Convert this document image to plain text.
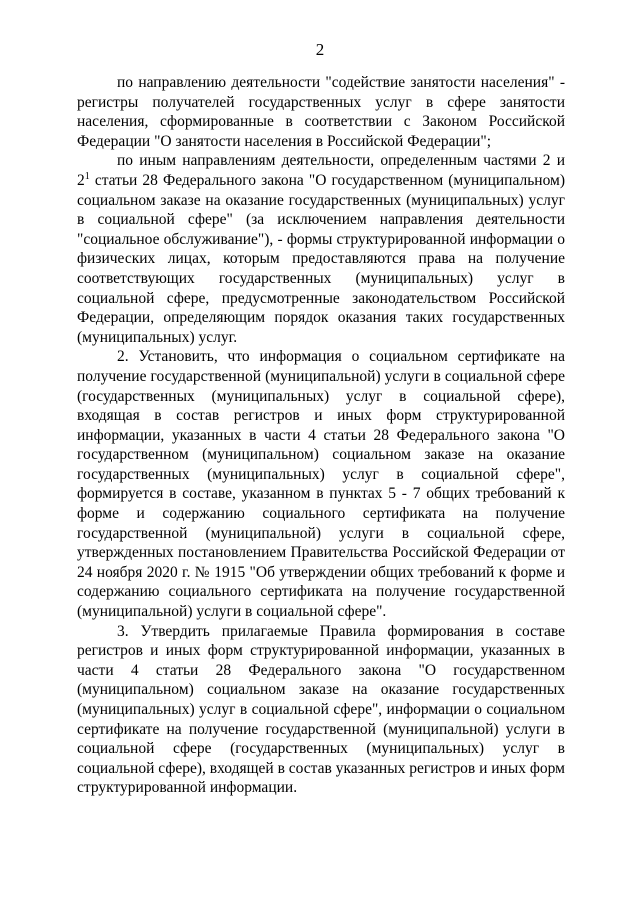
2

по направлению деятельности "содействие занятости населения" - регистры получателей государственных услуг в сфере занятости населения, сформированные в соответствии с Законом Российской Федерации "О занятости населения в Российской Федерации";

по иным направлениям деятельности, определенным частями 2 и $2^1$ статьи 28 Федерального закона "О государственном (муниципальном) социальном заказе на оказание государственных (муниципальных) услуг в социальной сфере" (за исключением направления деятельности "социальное обслуживание"), - формы структурированной информации о физических лицах, которым предоставляются права на получение соответствующих государственных (муниципальных) услуг в социальной сфере, предусмотренные законодательством Российской Федерации, определяющим порядок оказания таких государственных (муниципальных) услуг.

2. Установить, что информация о социальном сертификате на получение государственной (муниципальной) услуги в социальной сфере (государственных (муниципальных) услуг в социальной сфере), входящая в состав регистров и иных форм структурированной информации, указанных в части 4 статьи 28 Федерального закона "О государственном (муниципальном) социальном заказе на оказание государственных (муниципальных) услуг в социальной сфере", формируется в составе, указанном в пунктах 5 - 7 общих требований к форме и содержанию социального сертификата на получение государственной (муниципальной) услуги в социальной сфере, утвержденных постановлением Правительства Российской Федерации от 24 ноября 2020 г. № 1915 "Об утверждении общих требований к форме и содержанию социального сертификата на получение государственной (муниципальной) услуги в социальной сфере".

3. Утвердить прилагаемые Правила формирования в составе регистров и иных форм структурированной информации, указанных в части 4 статьи 28 Федерального закона "О государственном (муниципальном) социальном заказе на оказание государственных (муниципальных) услуг в социальной сфере", информации о социальном сертификате на получение государственной (муниципальной) услуги в социальной сфере (государственных (муниципальных) услуг в социальной сфере), входящей в состав указанных регистров и иных форм структурированной информации.
